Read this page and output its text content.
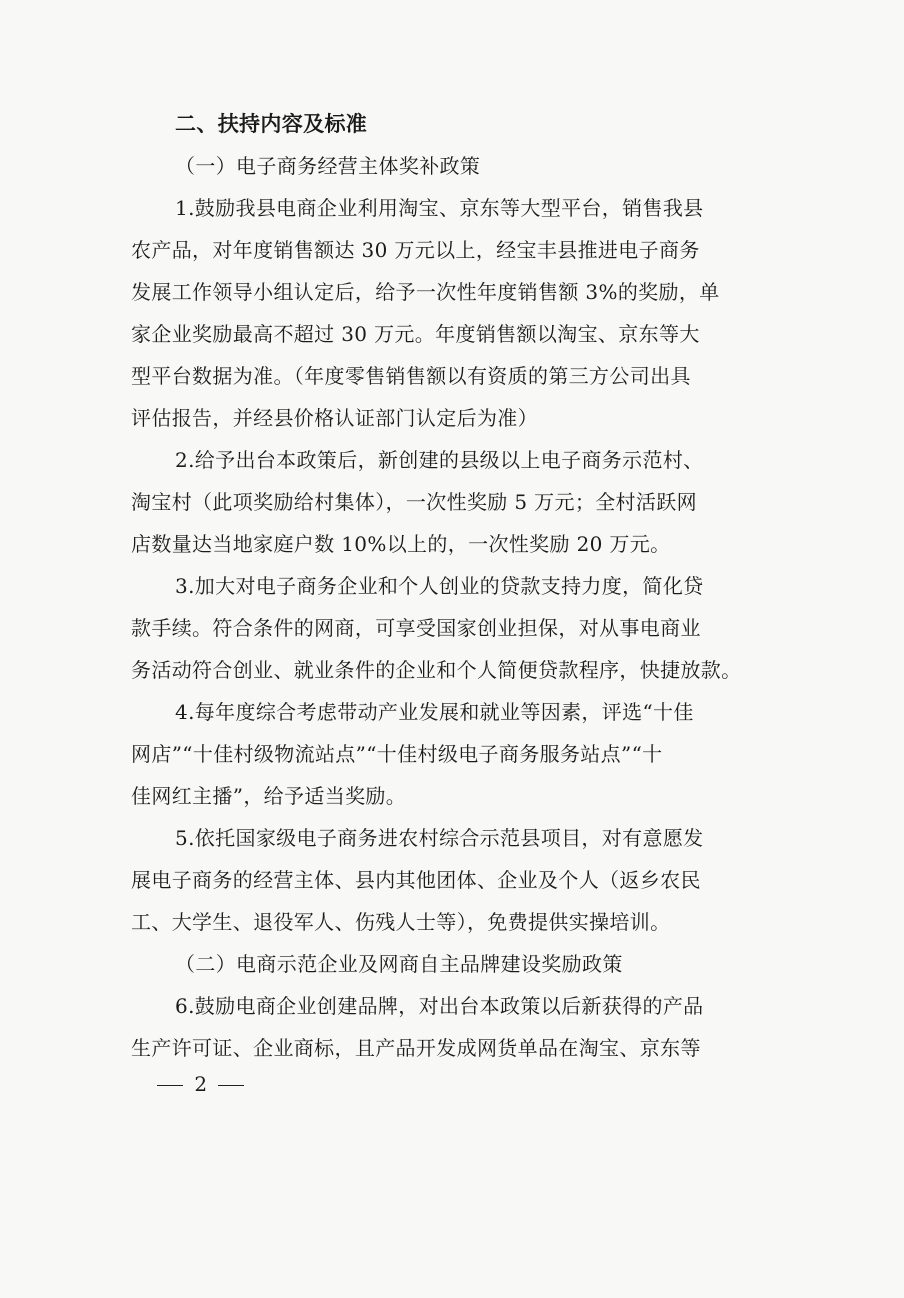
二、扶持内容及标准
（一）电子商务经营主体奖补政策
1.鼓励我县电商企业利用淘宝、京东等大型平台，销售我县
农产品，对年度销售额达 30 万元以上，经宝丰县推进电子商务
发展工作领导小组认定后，给予一次性年度销售额 3%的奖励，单
家企业奖励最高不超过 30 万元。年度销售额以淘宝、京东等大
型平台数据为准。（年度零售销售额以有资质的第三方公司出具
评估报告，并经县价格认证部门认定后为准）
2.给予出台本政策后，新创建的县级以上电子商务示范村、
淘宝村（此项奖励给村集体），一次性奖励 5 万元；全村活跃网
店数量达当地家庭户数 10%以上的，一次性奖励 20 万元。
3.加大对电子商务企业和个人创业的贷款支持力度，简化贷
款手续。符合条件的网商，可享受国家创业担保，对从事电商业
务活动符合创业、就业条件的企业和个人简便贷款程序，快捷放款。
4.每年度综合考虑带动产业发展和就业等因素，评选“十佳
网店”“十佳村级物流站点”“十佳村级电子商务服务站点”“十
佳网红主播”，给予适当奖励。
5.依托国家级电子商务进农村综合示范县项目，对有意愿发
展电子商务的经营主体、县内其他团体、企业及个人（返乡农民
工、大学生、退役军人、伤残人士等），免费提供实操培训。
（二）电商示范企业及网商自主品牌建设奖励政策
6.鼓励电商企业创建品牌，对出台本政策以后新获得的产品
生产许可证、企业商标，且产品开发成网货单品在淘宝、京东等
2
